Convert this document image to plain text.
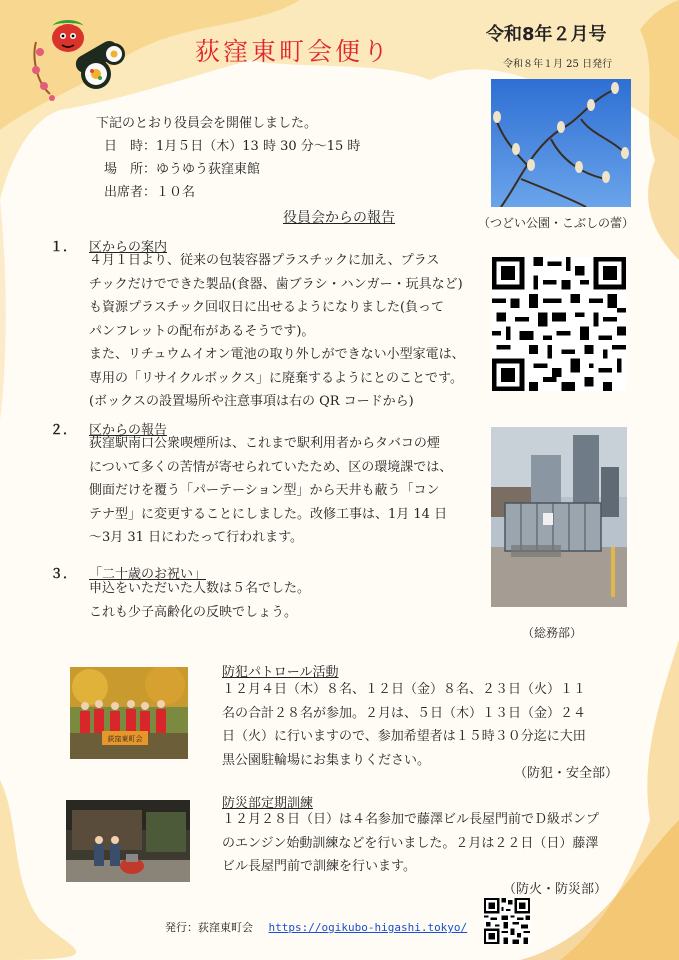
荻窪東町会便り
令和8年２月号
令和８年１月 25 日発行
下記のとおり役員会を開催しました。
日　時：1月５日（木）13 時 30 分～15 時
場　所：ゆうゆう荻窪東館
出席者：１０名
（つどい公園・こぶしの蕾）
役員会からの報告
１． 区からの案内
４月１日より、従来の包装容器プラスチックに加え、プラス
チックだけでできた製品(食器、歯ブラシ・ハンガー・玩具など)
も資源プラスチック回収日に出せるようになりました(負って
パンフレットの配布があるそうです)。
また、リチュウムイオン電池の取り外しができない小型家電は、
専用の「リサイクルボックス」に廃棄するようにとのことです。
(ボックスの設置場所や注意事項は右の QR コードから)
２． 区からの報告
荻窪駅南口公衆喫煙所は、これまで駅利用者からタバコの煙
について多くの苦情が寄せられていたため、区の環境課では、
側面だけを覆う「パーテーション型」から天井も蔽う「コン
テナ型」に変更することにしました。改修工事は、1月 14 日
～3月 31 日にわたって行われます。
（総務部）
３． 「二十歳のお祝い」
申込をいただいた人数は５名でした。
これも少子高齢化の反映でしょう。
荻窪東町会
防犯パトロール活動
１２月４日（木）８名、１２日（金）８名、２３日（火）１１
名の合計２８名が参加。２月は、５日（木）１３日（金）２４
日（火）に行いますので、参加希望者は１５時３０分迄に大田
黒公園駐輪場にお集まりください。
（防犯・安全部）
防災部定期訓練
１２月２８日（日）は４名参加で藤澤ビル長屋門前でＤ級ポンプ
のエンジン始動訓練などを行いました。２月は２２日（日）藤澤
ビル長屋門前で訓練を行います。
（防火・防災部）
発行：荻窪東町会 https://ogikubo-higashi.tokyo/
